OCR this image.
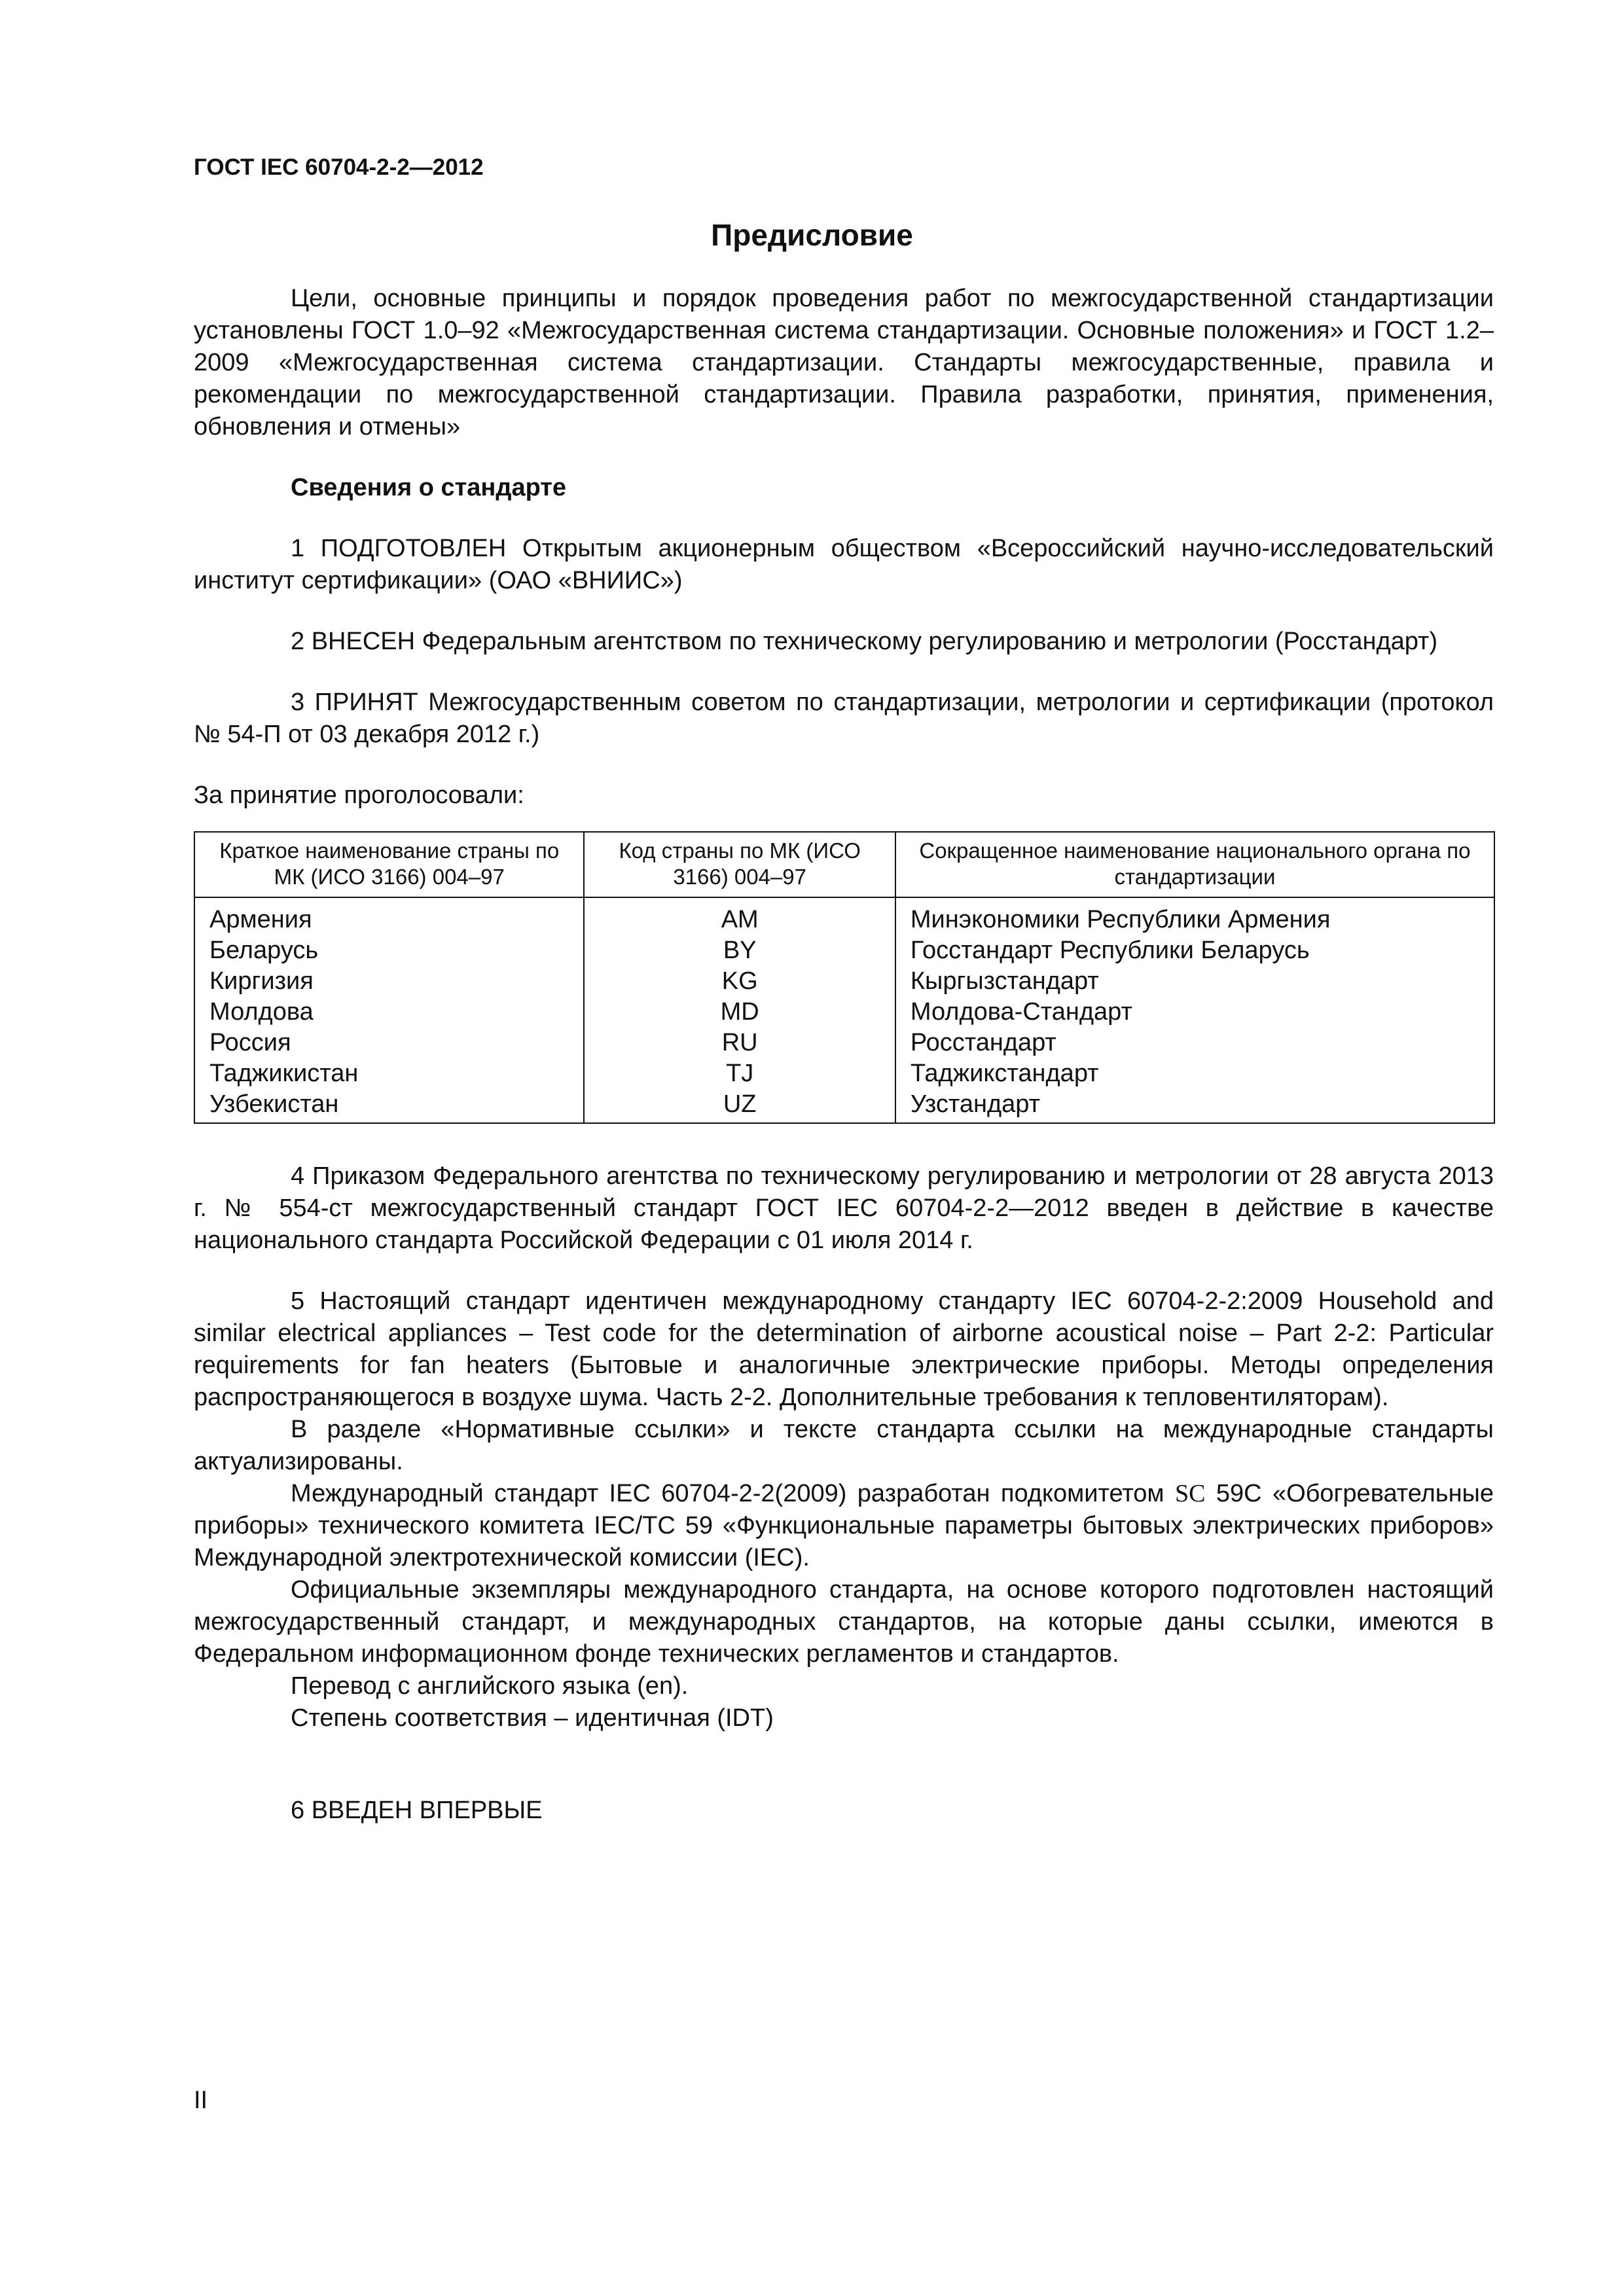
ГОСТ IEC 60704-2-2—2012

Предисловие

Цели, основные принципы и порядок проведения работ по межгосударственной стандартизации установлены ГОСТ 1.0–92 «Межгосударственная система стандартизации. Основные положения» и ГОСТ 1.2–2009 «Межгосударственная система стандартизации. Стандарты межгосударственные, правила и рекомендации по межгосударственной стандартизации. Правила разработки, принятия, применения, обновления и отмены»

Сведения о стандарте

1 ПОДГОТОВЛЕН Открытым акционерным обществом «Всероссийский научно-исследовательский институт сертификации» (ОАО «ВНИИС»)

2 ВНЕСЕН Федеральным агентством по техническому регулированию и метрологии (Росстандарт)

3 ПРИНЯТ Межгосударственным советом по стандартизации, метрологии и сертификации (протокол № 54-П от 03 декабря 2012 г.)

За принятие проголосовали:

Краткое наименование страны по МК (ИСО 3166) 004–97	Код страны по МК (ИСО 3166) 004–97	Сокращенное наименование национального органа по стандартизации
Армения	AM	Минэкономики Республики Армения
Беларусь	BY	Госстандарт Республики Беларусь
Киргизия	KG	Кыргызстандарт
Молдова	MD	Молдова-Стандарт
Россия	RU	Росстандарт
Таджикистан	TJ	Таджикстандарт
Узбекистан	UZ	Узстандарт

4 Приказом Федерального агентства по техническому регулированию и метрологии от 28 августа 2013 г. № 554-ст межгосударственный стандарт ГОСТ IEC 60704-2-2—2012 введен в действие в качестве национального стандарта Российской Федерации с 01 июля 2014 г.

5 Настоящий стандарт идентичен международному стандарту IEC 60704-2-2:2009 Household and similar electrical appliances – Test code for the determination of airborne acoustical noise – Part 2-2: Particular requirements for fan heaters (Бытовые и аналогичные электрические приборы. Методы определения распространяющегося в воздухе шума. Часть 2-2. Дополнительные требования к тепловентиляторам).

В разделе «Нормативные ссылки» и тексте стандарта ссылки на международные стандарты актуализированы.

Международный стандарт IEC 60704-2-2(2009) разработан подкомитетом SC 59С «Обогревательные приборы» технического комитета IEC/TC 59 «Функциональные параметры бытовых электрических приборов» Международной электротехнической комиссии (IEC).

Официальные экземпляры международного стандарта, на основе которого подготовлен настоящий межгосударственный стандарт, и международных стандартов, на которые даны ссылки, имеются в Федеральном информационном фонде технических регламентов и стандартов.

Перевод с английского языка (en).

Степень соответствия – идентичная (IDT)

6 ВВЕДЕН ВПЕРВЫЕ

II
